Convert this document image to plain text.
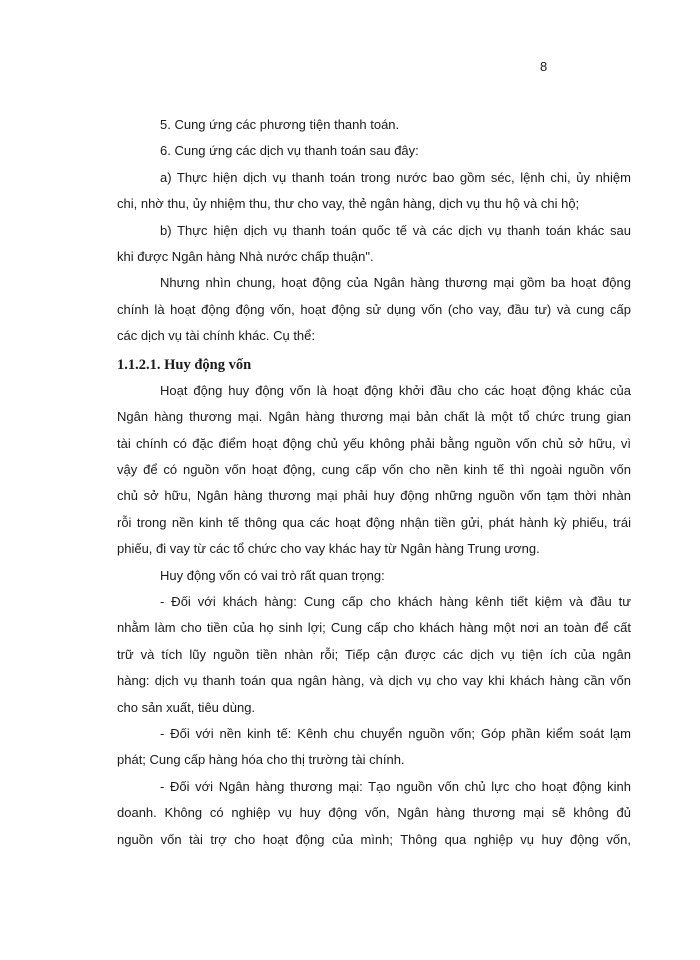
8
5. Cung ứng các phương tiện thanh toán.
6. Cung ứng các dịch vụ thanh toán sau đây:
a) Thực hiện dịch vụ thanh toán trong nước bao gồm séc, lệnh chi, ủy nhiệm
chi, nhờ thu, ủy nhiệm thu, thư cho vay, thẻ ngân hàng, dịch vụ thu hộ và chi hộ;
b) Thực hiện dịch vụ thanh toán quốc tế và các dịch vụ thanh toán khác sau
khi được Ngân hàng Nhà nước chấp thuận".
Nhưng nhìn chung, hoạt động của Ngân hàng thương mại gồm ba hoạt động
chính là hoạt động động vốn, hoạt động sử dụng vốn (cho vay, đầu tư) và cung cấp
các dịch vụ tài chính khác. Cụ thể:
1.1.2.1. Huy động vốn
Hoạt động huy động vốn là hoạt động khởi đầu cho các hoạt động khác của
Ngân hàng thương mại. Ngân hàng thương mại bản chất là một tổ chức trung gian
tài chính có đặc điểm hoạt động chủ yếu không phải bằng nguồn vốn chủ sở hữu, vì
vậy để có nguồn vốn hoạt động, cung cấp vốn cho nền kinh tế thì ngoài nguồn vốn
chủ sở hữu, Ngân hàng thương mại phải huy động những nguồn vốn tạm thời nhàn
rỗi trong nền kinh tế thông qua các hoạt động nhận tiền gửi, phát hành kỳ phiếu, trái
phiếu, đi vay từ các tổ chức cho vay khác hay từ Ngân hàng Trung ương.
Huy động vốn có vai trò rất quan trọng:
- Đối với khách hàng: Cung cấp cho khách hàng kênh tiết kiệm và đầu tư
nhằm làm cho tiền của họ sinh lợi; Cung cấp cho khách hàng một nơi an toàn để cất
trữ và tích lũy nguồn tiền nhàn rỗi; Tiếp cận được các dịch vụ tiện ích của ngân
hàng: dịch vụ thanh toán qua ngân hàng, và dịch vụ cho vay khi khách hàng cần vốn
cho sản xuất, tiêu dùng.
- Đối với nền kinh tế: Kênh chu chuyển nguồn vốn; Góp phần kiểm soát lạm
phát; Cung cấp hàng hóa cho thị trường tài chính.
- Đối với Ngân hàng thương mại: Tạo nguồn vốn chủ lực cho hoạt động kinh
doanh. Không có nghiệp vụ huy động vốn, Ngân hàng thương mại sẽ không đủ
nguồn vốn tài trợ cho hoạt động của mình; Thông qua nghiệp vụ huy động vốn,
